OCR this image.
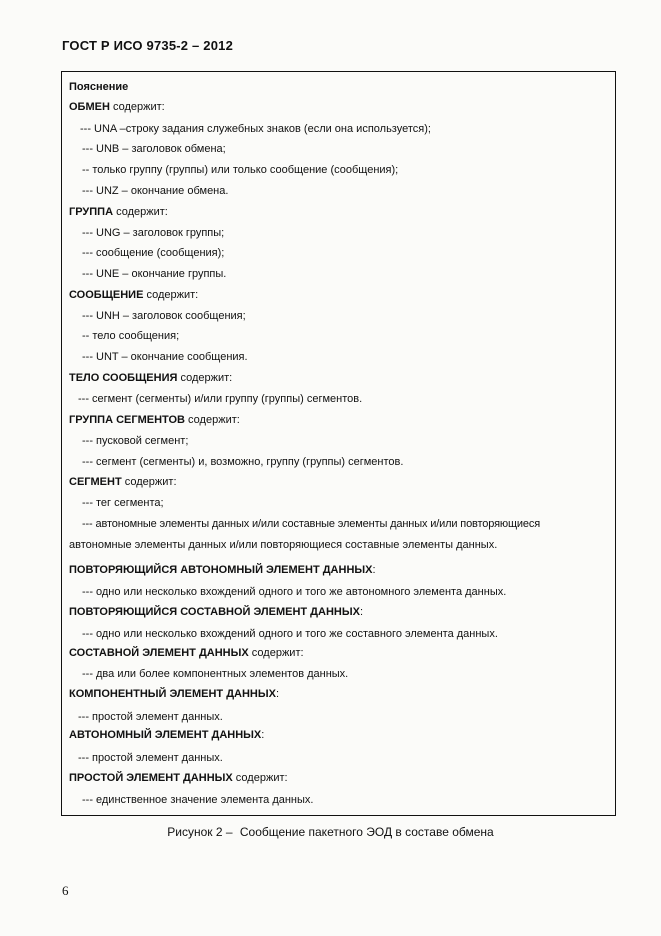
ГОСТ Р ИСО 9735-2 – 2012
Пояснение
ОБМЕН содержит:
--- UNA –строку задания служебных знаков (если она используется);
--- UNB – заголовок обмена;
-- только группу (группы) или только сообщение (сообщения);
--- UNZ – окончание обмена.
ГРУППА содержит:
--- UNG – заголовок группы;
--- сообщение (сообщения);
--- UNE – окончание группы.
СООБЩЕНИЕ содержит:
--- UNH – заголовок сообщения;
-- тело сообщения;
--- UNT – окончание сообщения.
ТЕЛО СООБЩЕНИЯ содержит:
--- сегмент (сегменты) и/или группу (группы) сегментов.
ГРУППА СЕГМЕНТОВ содержит:
--- пусковой сегмент;
--- сегмент (сегменты) и, возможно, группу (группы) сегментов.
СЕГМЕНТ содержит:
--- тег сегмента;
--- автономные элементы данных и/или составные элементы данных и/или повторяющиеся
автономные элементы данных и/или повторяющиеся составные элементы данных.
ПОВТОРЯЮЩИЙСЯ АВТОНОМНЫЙ ЭЛЕМЕНТ ДАННЫХ:
--- одно или несколько вхождений одного и того же автономного элемента данных.
ПОВТОРЯЮЩИЙСЯ СОСТАВНОЙ ЭЛЕМЕНТ ДАННЫХ:
--- одно или несколько вхождений одного и того же составного элемента данных.
СОСТАВНОЙ ЭЛЕМЕНТ ДАННЫХ содержит:
--- два или более компонентных элементов данных.
КОМПОНЕНТНЫЙ ЭЛЕМЕНТ ДАННЫХ:
--- простой элемент данных.
АВТОНОМНЫЙ ЭЛЕМЕНТ ДАННЫХ:
--- простой элемент данных.
ПРОСТОЙ ЭЛЕМЕНТ ДАННЫХ содержит:
--- единственное значение элемента данных.
Рисунок 2 – Сообщение пакетного ЭОД в составе обмена
6
